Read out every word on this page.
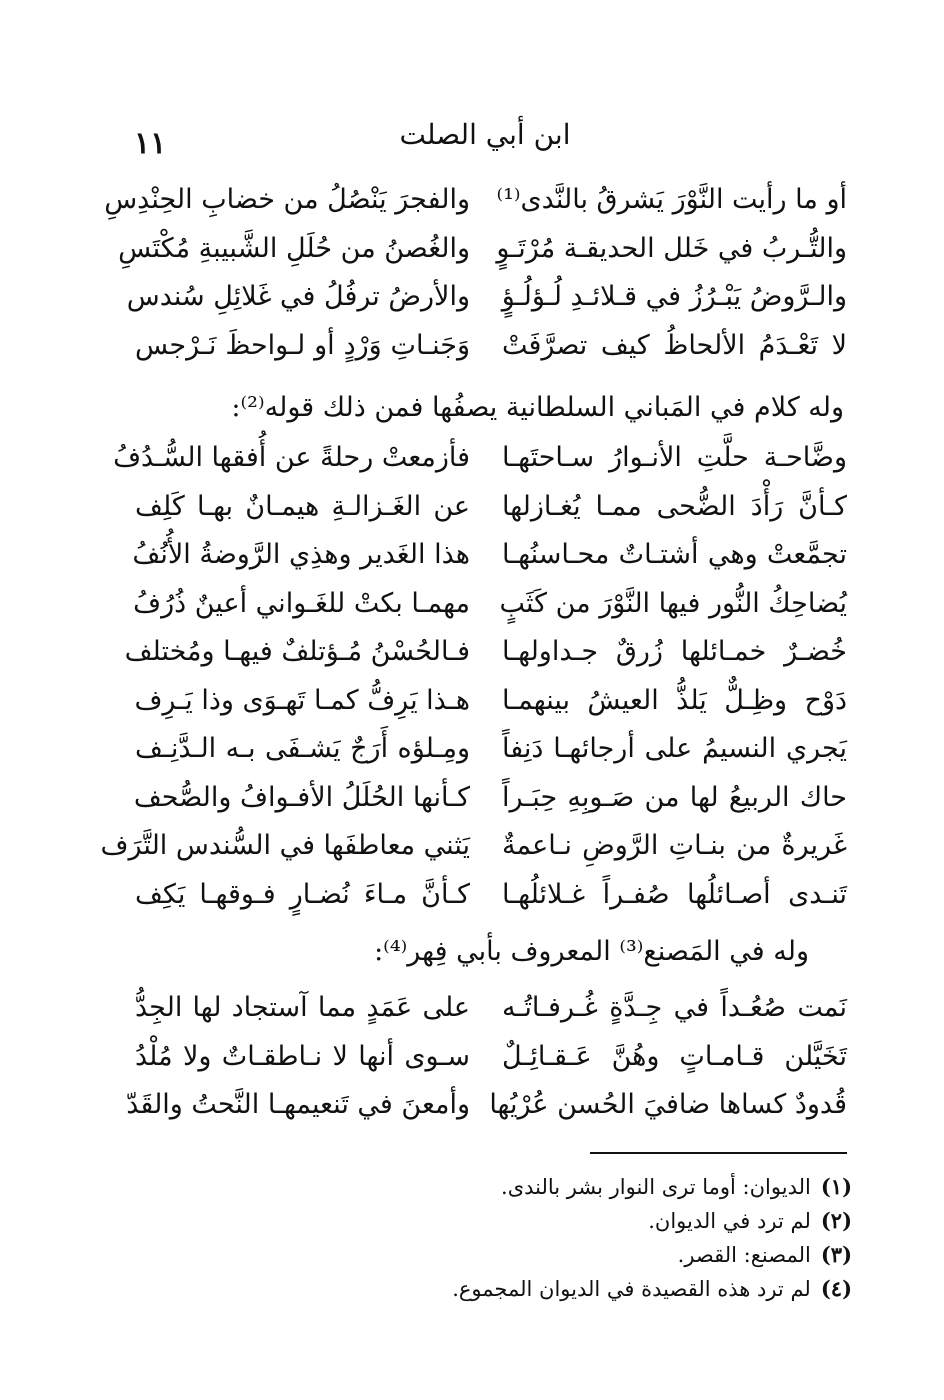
١١	ابن أبي الصلت
أو ما رأيت النَّوْرَ يَشرقُ بالنَّدى⁽¹⁾
والفجرَ يَنْصُلُ من خضابِ الحِنْدِسِ
والتُّـربُ في خَلل الحديقـة مُرْتَـوٍ
والغُصنُ من حُلَلِ الشَّبيبةِ مُكْتَسِ
والـرَّوضُ يَبْـرُزُ في قـلائـدِ لُـؤلُـؤٍ
والأرضُ ترفُلُ في غَلائِلِ سُندس
لا تَعْـدَمُ الألحاظُ كيف تصرَّفَتْ
وَجَنـاتِ وَرْدٍ أو لـواحظَ نَـرْجس
وله كلام في المَباني السلطانية يصفُها فمن ذلك قوله⁽²⁾:
وضَّاحـة حلَّتِ الأنـوارُ سـاحتَهـا
فأزمعتْ رحلةً عن أُفقها السُّـدُفُ
كـأنَّ رَأْدَ الضُّحى ممـا يُغـازلها
عن الغَـزالـةِ هيمـانٌ بهـا كَلِف
تجمَّعتْ وهي أشتـاتٌ محـاسنُهـا
هذا الغَدير وهذِي الرَّوضةُ الأُنُفُ
يُضاحِكُ النُّور فيها النَّوْرَ من كَثَبٍ
مهمـا بكتْ للغَـواني أعينٌ ذُرُفُ
خُضـرٌ خمـائلها زُرقٌ جـداولهـا
فـالحُسْنُ مُـؤتلفٌ فيهـا ومُختلف
دَوْح وظِـلٌّ يَلذُّ العيشُ بينهمـا
هـذا يَرِفُّ كمـا تَهـوَى وذا يَـرِف
يَجري النسيمُ على أرجائهـا دَنِفاً
ومِـلؤه أَرَجٌ يَشـفَى بـه الـدَّنِـف
حاك الربيعُ لها من صَـوبِهِ حِبَـراً
كـأنها الحُلَلُ الأفـوافُ والصُّحف
غَريرةٌ من بنـاتِ الرَّوضِ نـاعمةٌ
يَثني معاطفَها في السُّندس التَّرَف
تَنـدى أصـائلُها صُفـراً غـلائلُهـا
كـأنَّ مـاءَ نُضـارٍ فـوقهـا يَكِف
وله في المَصنع⁽³⁾ المعروف بأبي فِهر⁽⁴⁾:
نَمت صُعُـداً في جِـدَّةٍ غُـرفـاتُـه
على عَمَدٍ مما آستجاد لها الجِدُّ
تَخَيَّلن قـامـاتٍ وهُنَّ عَـقـائِـلٌ
سـوى أنها لا نـاطقـاتٌ ولا مُلْدُ
قُدودٌ كساها ضافيَ الحُسن عُرْيُها
وأمعنَ في تَنعيمهـا النَّحتُ والقَدّ
(١)الديوان: أوما ترى النوار بشر بالندى.
(٢)لم ترد في الديوان.
(٣)المصنع: القصر.
(٤)لم ترد هذه القصيدة في الديوان المجموع.
